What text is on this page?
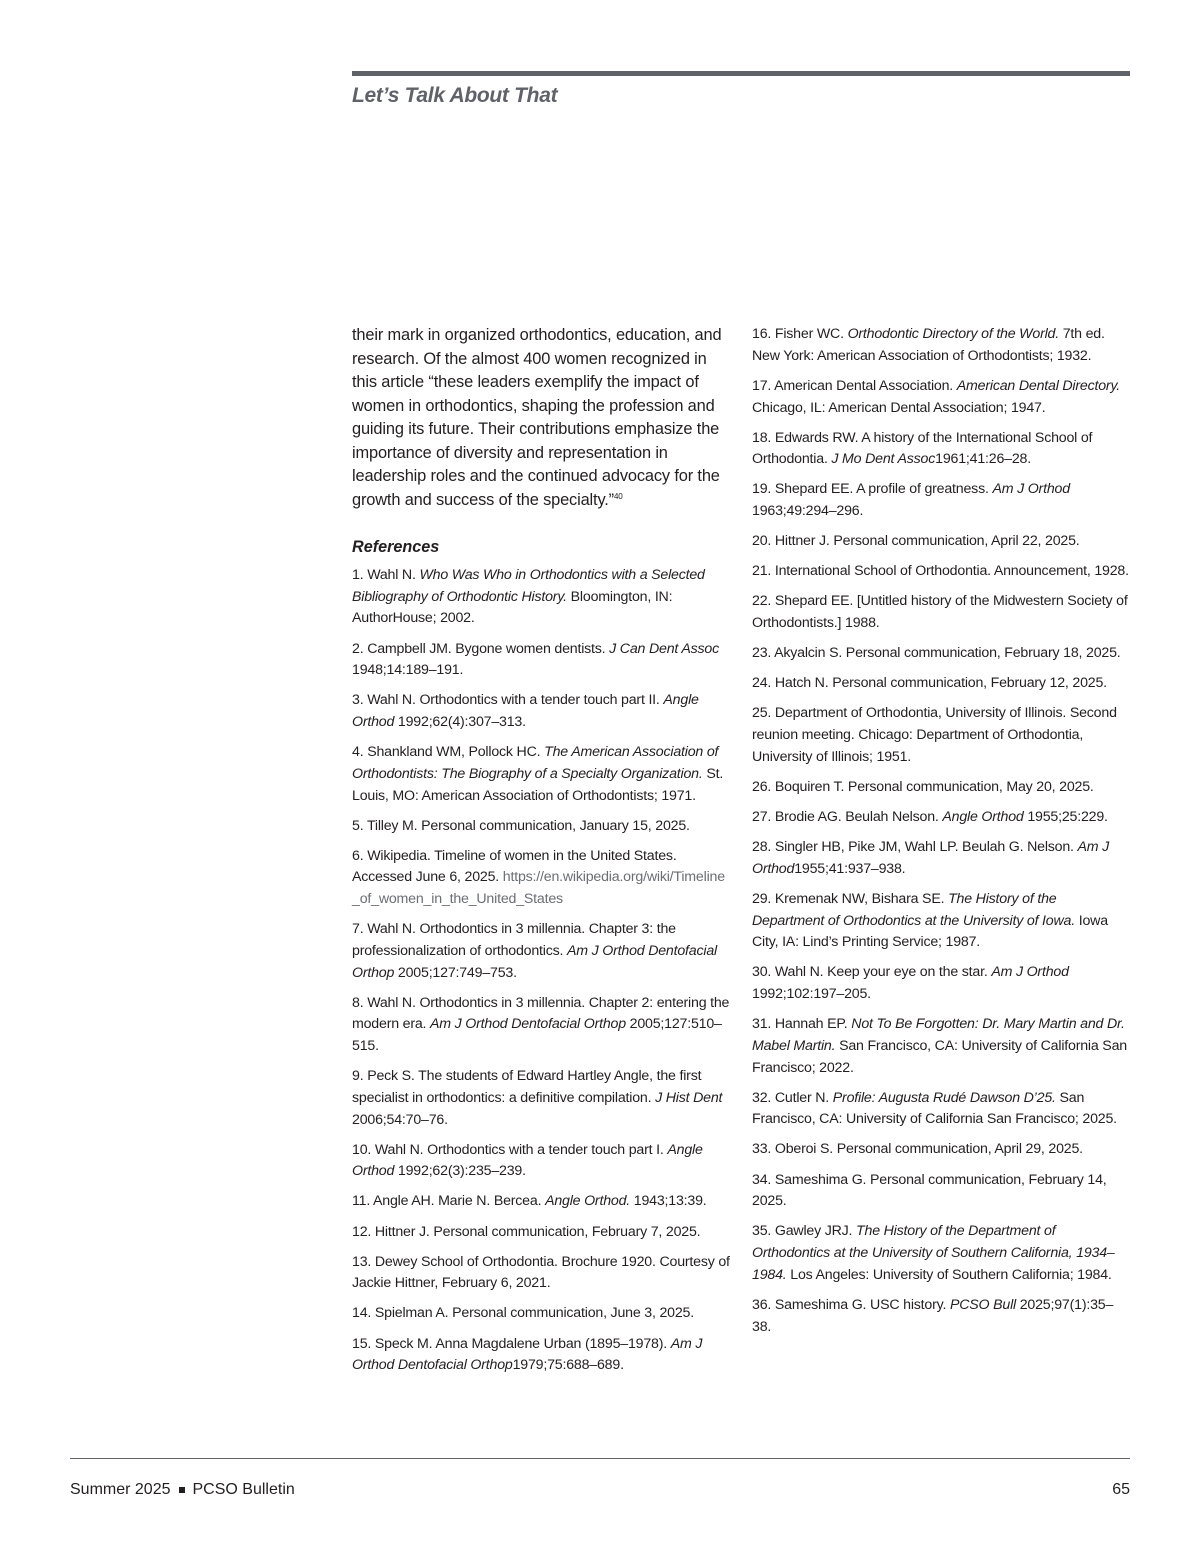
Let’s Talk About That

their mark in organized orthodontics, education, and research. Of the almost 400 women recognized in this article “these leaders exemplify the impact of women in orthodontics, shaping the profession and guiding its future. Their contributions emphasize the importance of diversity and representation in leadership roles and the continued advocacy for the growth and success of the specialty.”$^{40}$

References
1. Wahl N. Who Was Who in Orthodontics with a Selected Bibliography of Orthodontic History. Bloomington, IN: AuthorHouse; 2002.
2. Campbell JM. Bygone women dentists. J Can Dent Assoc 1948;14:189–191.
3. Wahl N. Orthodontics with a tender touch part II. Angle Orthod 1992;62(4):307–313.
4. Shankland WM, Pollock HC. The American Association of Orthodontists: The Biography of a Specialty Organization. St. Louis, MO: American Association of Orthodontists; 1971.
5. Tilley M. Personal communication, January 15, 2025.
6. Wikipedia. Timeline of women in the United States. Accessed June 6, 2025. https://en.wikipedia.org/wiki/Timeline_of_women_in_the_United_States
7. Wahl N. Orthodontics in 3 millennia. Chapter 3: the professionalization of orthodontics. Am J Orthod Dentofacial Orthop 2005;127:749–753.
8. Wahl N. Orthodontics in 3 millennia. Chapter 2: entering the modern era. Am J Orthod Dentofacial Orthop 2005;127:510–515.
9. Peck S. The students of Edward Hartley Angle, the first specialist in orthodontics: a definitive compilation. J Hist Dent 2006;54:70–76.
10. Wahl N. Orthodontics with a tender touch part I. Angle Orthod 1992;62(3):235–239.
11. Angle AH. Marie N. Bercea. Angle Orthod. 1943;13:39.
12. Hittner J. Personal communication, February 7, 2025.
13. Dewey School of Orthodontia. Brochure 1920. Courtesy of Jackie Hittner, February 6, 2021.
14. Spielman A. Personal communication, June 3, 2025.
15. Speck M. Anna Magdalene Urban (1895–1978). Am J Orthod Dentofacial Orthop1979;75:688–689.
16. Fisher WC. Orthodontic Directory of the World. 7th ed. New York: American Association of Orthodontists; 1932.
17. American Dental Association. American Dental Directory. Chicago, IL: American Dental Association; 1947.
18. Edwards RW. A history of the International School of Orthodontia. J Mo Dent Assoc1961;41:26–28.
19. Shepard EE. A profile of greatness. Am J Orthod 1963;49:294–296.
20. Hittner J. Personal communication, April 22, 2025.
21. International School of Orthodontia. Announcement, 1928.
22. Shepard EE. [Untitled history of the Midwestern Society of Orthodontists.] 1988.
23. Akyalcin S. Personal communication, February 18, 2025.
24. Hatch N. Personal communication, February 12, 2025.
25. Department of Orthodontia, University of Illinois. Second reunion meeting. Chicago: Department of Orthodontia, University of Illinois; 1951.
26. Boquiren T. Personal communication, May 20, 2025.
27. Brodie AG. Beulah Nelson. Angle Orthod 1955;25:229.
28. Singler HB, Pike JM, Wahl LP. Beulah G. Nelson. Am J Orthod1955;41:937–938.
29. Kremenak NW, Bishara SE. The History of the Department of Orthodontics at the University of Iowa. Iowa City, IA: Lind’s Printing Service; 1987.
30. Wahl N. Keep your eye on the star. Am J Orthod 1992;102:197–205.
31. Hannah EP. Not To Be Forgotten: Dr. Mary Martin and Dr. Mabel Martin. San Francisco, CA: University of California San Francisco; 2022.
32. Cutler N. Profile: Augusta Rudé Dawson D’25. San Francisco, CA: University of California San Francisco; 2025.
33. Oberoi S. Personal communication, April 29, 2025.
34. Sameshima G. Personal communication, February 14, 2025.
35. Gawley JRJ. The History of the Department of Orthodontics at the University of Southern California, 1934–1984. Los Angeles: University of Southern California; 1984.
36. Sameshima G. USC history. PCSO Bull 2025;97(1):35–38.
Summer 2025 PCSO Bulletin	65
